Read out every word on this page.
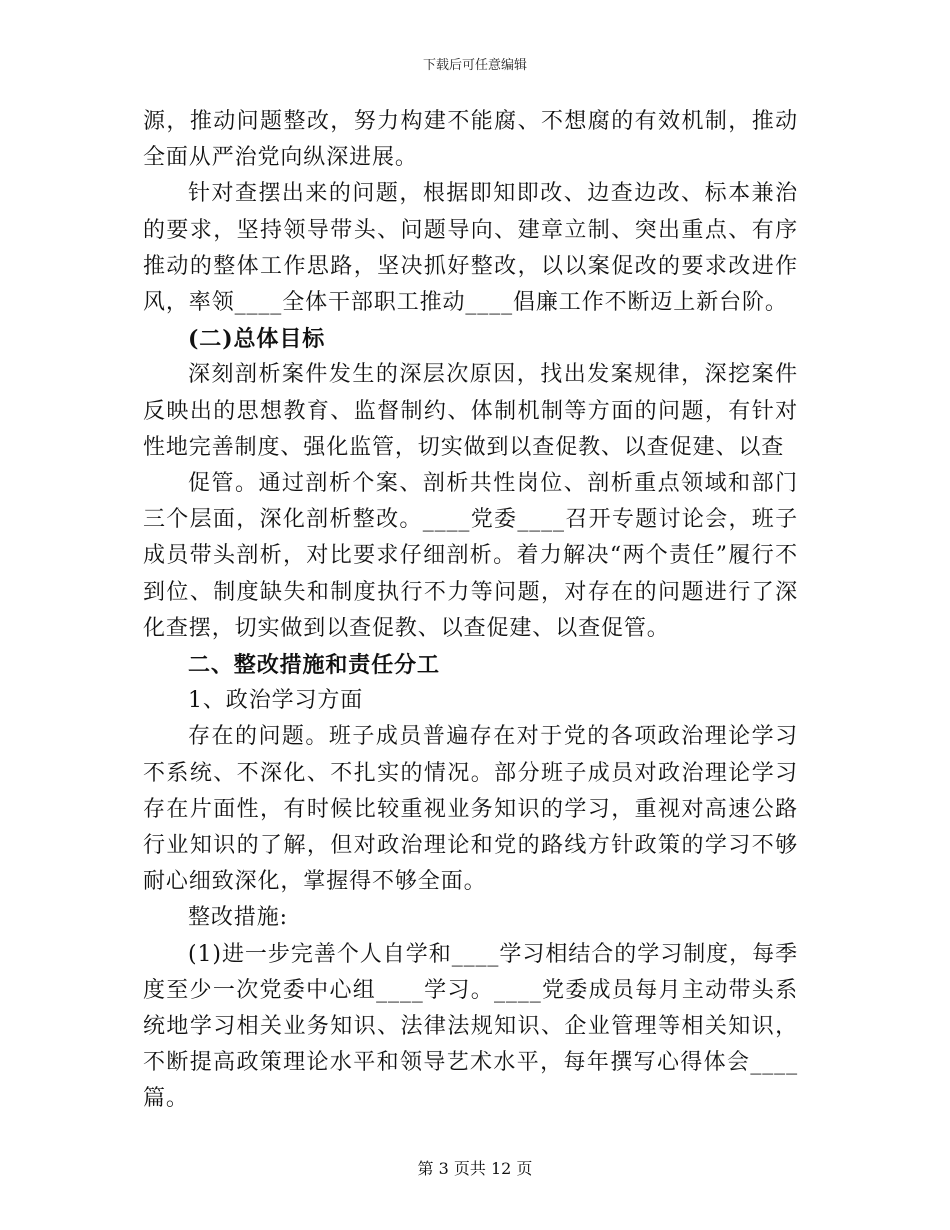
下载后可任意编辑

源，推动问题整改，努力构建不能腐、不想腐的有效机制，推动全面从严治党向纵深进展。

针对查摆出来的问题，根据即知即改、边查边改、标本兼治的要求，坚持领导带头、问题导向、建章立制、突出重点、有序推动的整体工作思路，坚决抓好整改，以以案促改的要求改进作风，率领____全体干部职工推动____倡廉工作不断迈上新台阶。

(二)总体目标

深刻剖析案件发生的深层次原因，找出发案规律，深挖案件反映出的思想教育、监督制约、体制机制等方面的问题，有针对性地完善制度、强化监管，切实做到以查促教、以查促建、以查

促管。通过剖析个案、剖析共性岗位、剖析重点领域和部门三个层面，深化剖析整改。____党委____召开专题讨论会，班子成员带头剖析，对比要求仔细剖析。着力解决“两个责任”履行不到位、制度缺失和制度执行不力等问题，对存在的问题进行了深化查摆，切实做到以查促教、以查促建、以查促管。

二、整改措施和责任分工

1、政治学习方面

存在的问题。班子成员普遍存在对于党的各项政治理论学习不系统、不深化、不扎实的情况。部分班子成员对政治理论学习存在片面性，有时候比较重视业务知识的学习，重视对高速公路行业知识的了解，但对政治理论和党的路线方针政策的学习不够耐心细致深化，掌握得不够全面。

整改措施:

(1)进一步完善个人自学和____学习相结合的学习制度，每季度至少一次党委中心组____学习。____党委成员每月主动带头系统地学习相关业务知识、法律法规知识、企业管理等相关知识，不断提高政策理论水平和领导艺术水平，每年撰写心得体会____篇。

第 3 页共 12 页
